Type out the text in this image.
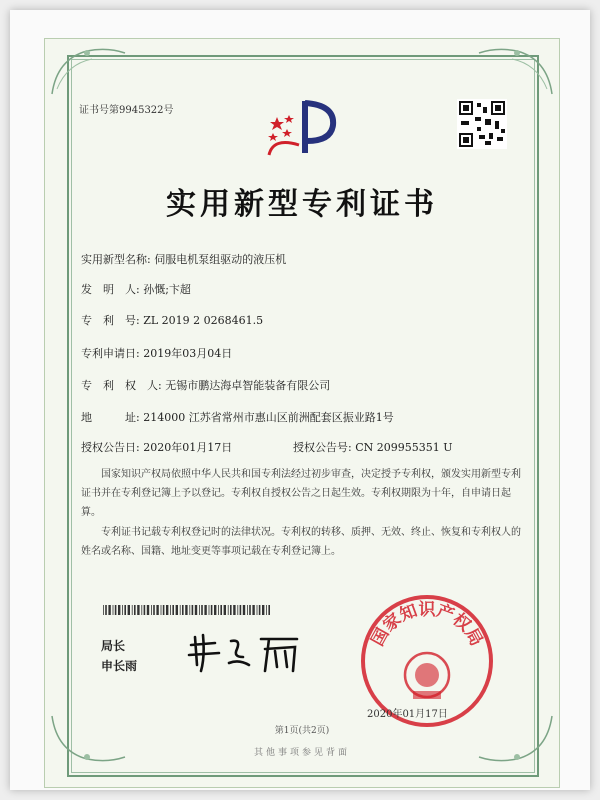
证书号第9945322号
实用新型专利证书
实用新型名称: 伺服电机泵组驱动的液压机
发　明　人: 孙慨;卞超
专　利　号: ZL 2019 2 0268461.5
专利申请日: 2019年03月04日
专　利　权　人: 无锡市鹏达海卓智能装备有限公司
地　　　址: 214000 江苏省常州市惠山区前洲配套区振业路1号
授权公告日: 2020年01月17日	授权公告号: CN 209955351 U
国家知识产权局依照中华人民共和国专利法经过初步审查，决定授予专利权，颁发实用新型专利证书并在专利登记簿上予以登记。专利权自授权公告之日起生效。专利权期限为十年，自申请日起算。
专利证书记载专利权登记时的法律状况。专利权的转移、质押、无效、终止、恢复和专利权人的姓名或名称、国籍、地址变更等事项记载在专利登记簿上。
局长
申长雨
国家知识产权局
2020年01月17日
第1页(共2页)
其他事项参见背面
